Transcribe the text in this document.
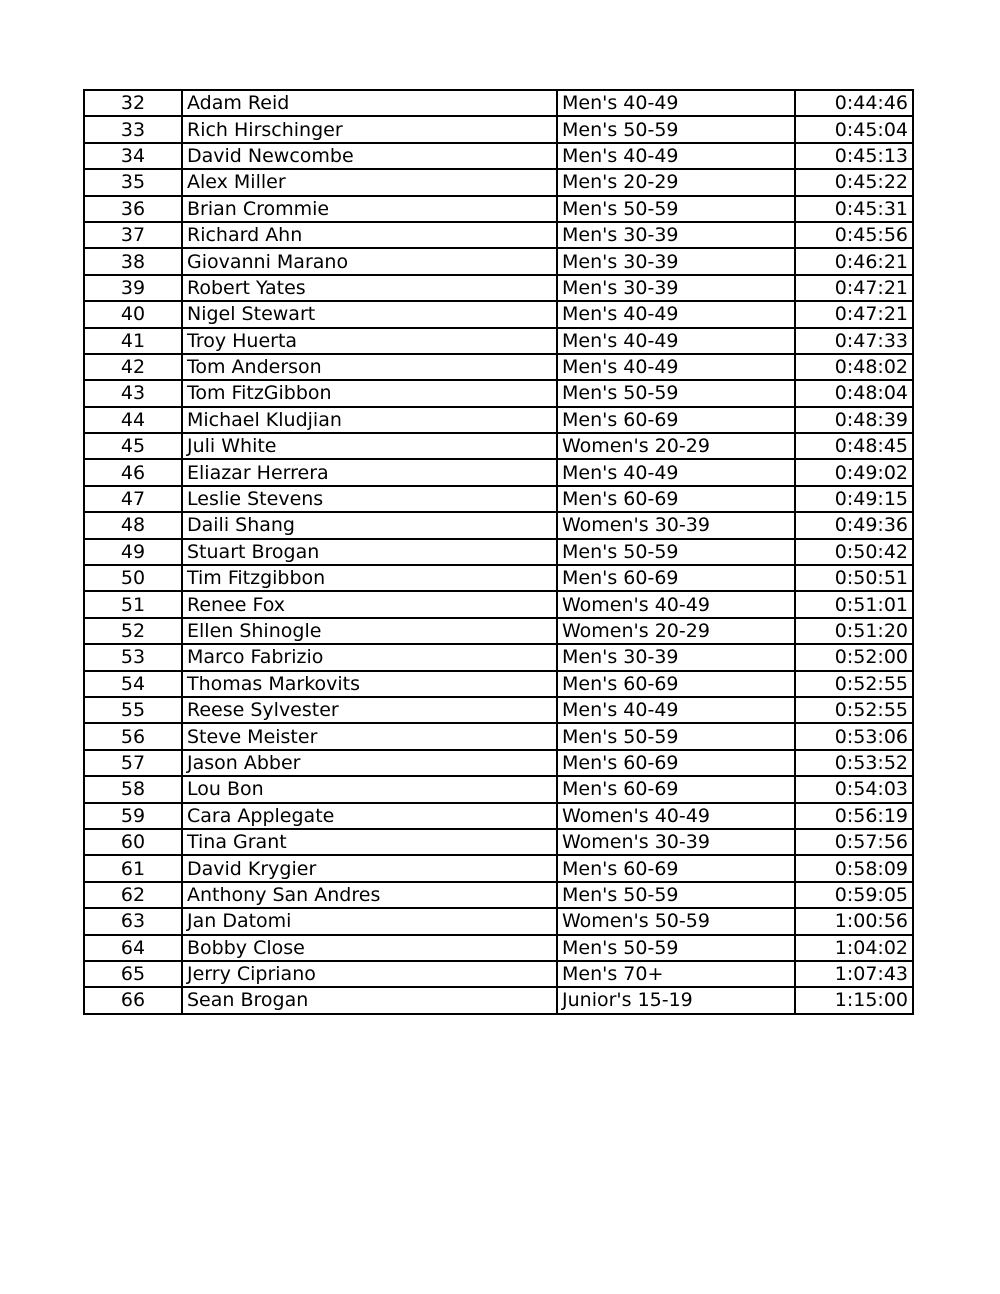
32	Adam Reid	Men's 40-49	0:44:46
33	Rich Hirschinger	Men's 50-59	0:45:04
34	David Newcombe	Men's 40-49	0:45:13
35	Alex Miller	Men's 20-29	0:45:22
36	Brian Crommie	Men's 50-59	0:45:31
37	Richard Ahn	Men's 30-39	0:45:56
38	Giovanni Marano	Men's 30-39	0:46:21
39	Robert Yates	Men's 30-39	0:47:21
40	Nigel Stewart	Men's 40-49	0:47:21
41	Troy Huerta	Men's 40-49	0:47:33
42	Tom Anderson	Men's 40-49	0:48:02
43	Tom FitzGibbon	Men's 50-59	0:48:04
44	Michael Kludjian	Men's 60-69	0:48:39
45	Juli White	Women's 20-29	0:48:45
46	Eliazar Herrera	Men's 40-49	0:49:02
47	Leslie Stevens	Men's 60-69	0:49:15
48	Daili Shang	Women's 30-39	0:49:36
49	Stuart Brogan	Men's 50-59	0:50:42
50	Tim Fitzgibbon	Men's 60-69	0:50:51
51	Renee Fox	Women's 40-49	0:51:01
52	Ellen Shinogle	Women's 20-29	0:51:20
53	Marco Fabrizio	Men's 30-39	0:52:00
54	Thomas Markovits	Men's 60-69	0:52:55
55	Reese Sylvester	Men's 40-49	0:52:55
56	Steve Meister	Men's 50-59	0:53:06
57	Jason Abber	Men's 60-69	0:53:52
58	Lou Bon	Men's 60-69	0:54:03
59	Cara Applegate	Women's 40-49	0:56:19
60	Tina Grant	Women's 30-39	0:57:56
61	David Krygier	Men's 60-69	0:58:09
62	Anthony San Andres	Men's 50-59	0:59:05
63	Jan Datomi	Women's 50-59	1:00:56
64	Bobby Close	Men's 50-59	1:04:02
65	Jerry Cipriano	Men's 70+	1:07:43
66	Sean Brogan	Junior's 15-19	1:15:00
